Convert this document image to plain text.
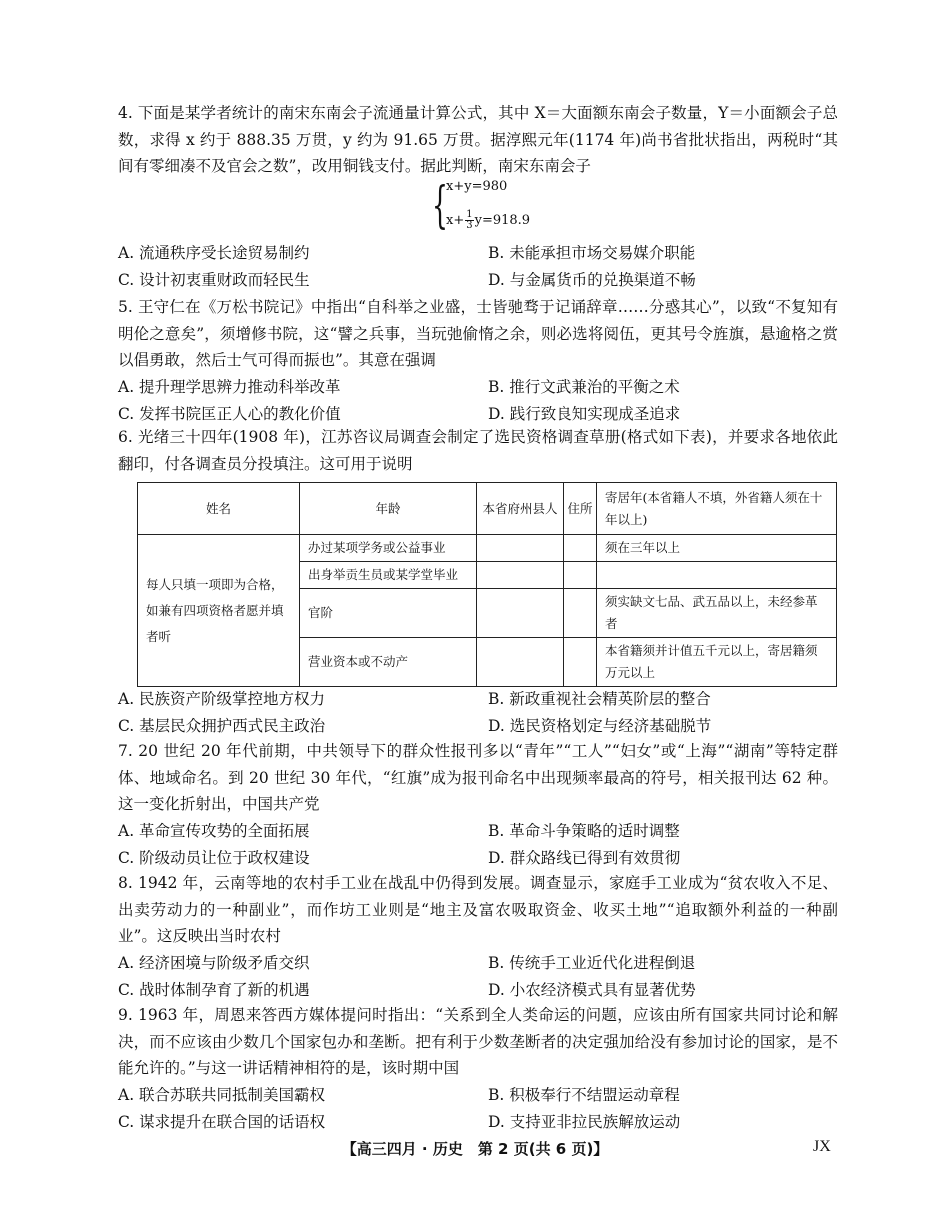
4. 下面是某学者统计的南宋东南会子流通量计算公式，其中 X＝大面额东南会子数量，Y＝小面额会子总数，求得 x 约于 888.35 万贯，y 约为 91.65 万贯。据淳熙元年(1174 年)尚书省批状指出，两税时“其间有零细凑不及官会之数”，改用铜钱支付。据此判断，南宋东南会子

{
x+y=980
$x+ \frac{1}{3} y=918.9$
A. 流通秩序受长途贸易制约	B. 未能承担市场交易媒介职能
C. 设计初衷重财政而轻民生	D. 与金属货币的兑换渠道不畅

5. 王守仁在《万松书院记》中指出“自科举之业盛，士皆驰骛于记诵辞章……分惑其心”，以致“不复知有明伦之意矣”，须增修书院，这“譬之兵事，当玩弛偷惰之余，则必选将阅伍，更其号令旌旗，悬逾格之赏以倡勇敢，然后士气可得而振也”。其意在强调

A. 提升理学思辨力推动科举改革	B. 推行文武兼治的平衡之术
C. 发挥书院匡正人心的教化价值	D. 践行致良知实现成圣追求

6. 光绪三十四年(1908 年)，江苏咨议局调查会制定了选民资格调查草册(格式如下表)，并要求各地依此翻印，付各调查员分投填注。这可用于说明

姓名	年龄	本省府州县人	住所	寄居年(本省籍人不填，外省籍人须在十年以上)
每人只填一项即为合格，如兼有四项资格者愿并填者听	办过某项学务或公益事业			须在三年以上
	出身举贡生员或某学堂毕业			
	官阶			须实缺文七品、武五品以上，未经参革者
	营业资本或不动产			本省籍须并计值五千元以上，寄居籍须万元以上
A. 民族资产阶级掌控地方权力	B. 新政重视社会精英阶层的整合
C. 基层民众拥护西式民主政治	D. 选民资格划定与经济基础脱节

7. 20 世纪 20 年代前期，中共领导下的群众性报刊多以“青年”“工人”“妇女”或“上海”“湖南”等特定群体、地域命名。到 20 世纪 30 年代，“红旗”成为报刊命名中出现频率最高的符号，相关报刊达 62 种。这一变化折射出，中国共产党

A. 革命宣传攻势的全面拓展	B. 革命斗争策略的适时调整
C. 阶级动员让位于政权建设	D. 群众路线已得到有效贯彻

8. 1942 年，云南等地的农村手工业在战乱中仍得到发展。调查显示，家庭手工业成为“贫农收入不足、出卖劳动力的一种副业”，而作坊工业则是“地主及富农吸取资金、收买土地”“追取额外利益的一种副业”。这反映出当时农村

A. 经济困境与阶级矛盾交织	B. 传统手工业近代化进程倒退
C. 战时体制孕育了新的机遇	D. 小农经济模式具有显著优势

9. 1963 年，周恩来答西方媒体提问时指出：“关系到全人类命运的问题，应该由所有国家共同讨论和解决，而不应该由少数几个国家包办和垄断。把有利于少数垄断者的决定强加给没有参加讨论的国家，是不能允许的。”与这一讲话精神相符的是，该时期中国

A. 联合苏联共同抵制美国霸权	B. 积极奉行不结盟运动章程
C. 谋求提升在联合国的话语权	D. 支持亚非拉民族解放运动
【高三四月 · 历史　第 2 页(共 6 页)】	JX
